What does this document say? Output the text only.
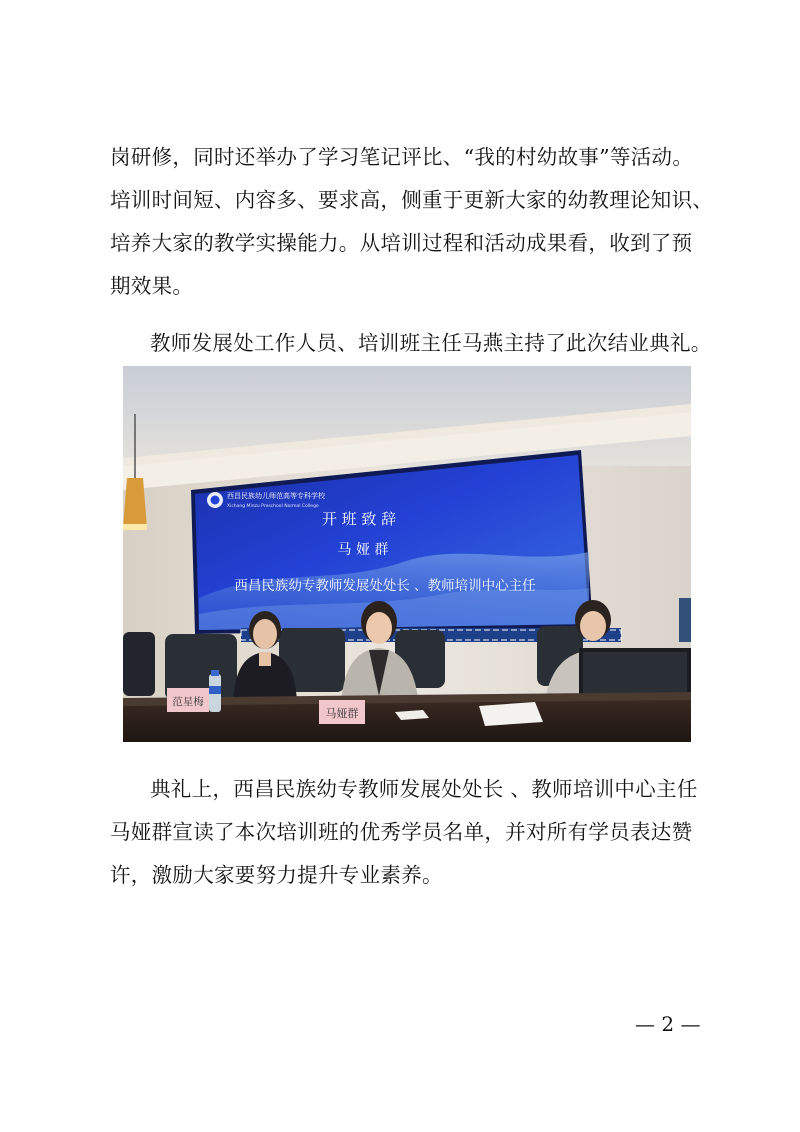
岗研修，同时还举办了学习笔记评比、“我的村幼故事”等活动。
培训时间短、内容多、要求高，侧重于更新大家的幼教理论知识、
培养大家的教学实操能力。从培训过程和活动成果看，收到了预
期效果。
教师发展处工作人员、培训班主任马燕主持了此次结业典礼。
西昌民族幼儿师范高等专科学校
Xichang Minzu Preschool Normal College
开 班 致 辞
马 娅 群
西昌民族幼专教师发展处处长 、教师培训中心主任
范星梅
马娅群
典礼上，西昌民族幼专教师发展处处长 、教师培训中心主任
马娅群宣读了本次培训班的优秀学员名单，并对所有学员表达赞
许，激励大家要努力提升专业素养。
— 2 —
